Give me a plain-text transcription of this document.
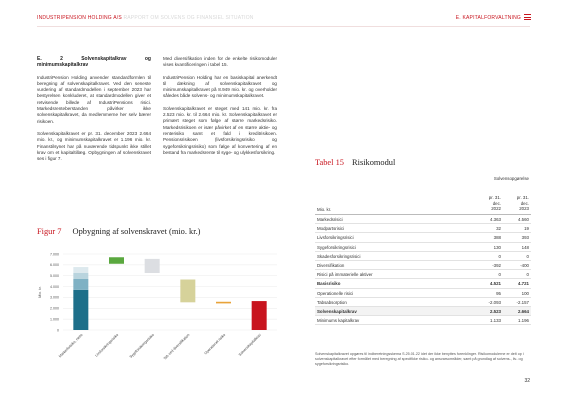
INDUSTRIPENSION HOLDING A/S RAPPORT OM SOLVENS OG FINANSIEL SITUATION	E. KAPITALFORVALTNING

E. 2 Solvenskapitalkrav og minimumskapitalkrav

IndustriPension Holding anvender standardformlen til beregning af solvenskapitalkravet. Ved den seneste vurdering af standardmodellen i september 2023 har bestyrelsen konkluderet, at standardmodellen giver et retvisende billede af IndustriPensions risici. Markedsrenteberstanden påvirker ikke solvenskapitalkravet, da medlemmerne her selv bærer risikoen.

Solvenskapitalkravet er pr. 31. december 2023 2.664 mio. kr., og minimumskapitalkravet er 1.196 mio. kr. Finanstilsynet har på nuværende tidspunkt ikke stillet krav om et kapitaltillæg. Opbygningen af solvenskravet ses i figur 7.

Med diversifikation inden for de enkelte risikomoduler vises kvantificeringen i tabel 15.

IndustriPension Holding har en basiskapital anerkendt til dækning af solvenskapitalkravet og minimumskapitalkravet på 8.949 mio. kr. og overholder således både solvens- og minimumskapitalkravet.

Solvenskapitalkravet er steget med 141 mio. kr. fra 2.523 mio. kr. til 2.664 mio. kr. Solvenskapitalkravet er primært steget som følge af større markedsrisiko. Markedsrisikoen er især påvirket af en større aktie- og renterisiko samt et fald i kreditrisikoen. Pensionsrisikoen (livsforsikringsrisiko og sygeforsikringsrisiko) som følge af konvertering af en bestand fra markedsrente til syge- og ulykkesforsikring.

Figur 7 Opbygning af solvenskravet (mio. kr.)
0
1.000
2.000
3.000
4.000
5.000
6.000
7.000
Mio. kr.
Markedsrisiko, netto	Livsforsikringsrisiko	Sygeforsikringsrisiko Tab ved diversifikation	Operationel risiko	Solvenskapitalkrav
Tabel 15 Risikomodul
Solvensopgørelse
Mio. kr.
pr. 31.
dec.
2022
pr. 31.
dec.
2023
Markedsrisici	4.363	4.560
Modpartsrisici	32	19
Livsforsikringsrisici	388	393
Sygeforsikringsrisici	130	148
Skadesforsikringsrisici	0	0
Diversifikation	-392	-400
Risici på immaterielle aktiver	0	0
Basisrisiko	4.521	4.721
Operationelle risici	95	100
Tabsabsorption	-2.093	-2.157
Solvenskapitalkrav	2.523	2.664
Minimums kapitalkrav	1.133	1.196
Solvenskapitalkravet opgøres til indberetningsskema S.25.01.22 idet der ikke benyttes forenklinger. Risikomodulerne er delt op i solvenskapitalkravet efter formålet med beregning af specifikke risiko- og ansvarsområder, samt på grundlag af solvens-, liv- og sygeforsikringsrisiko.
32
